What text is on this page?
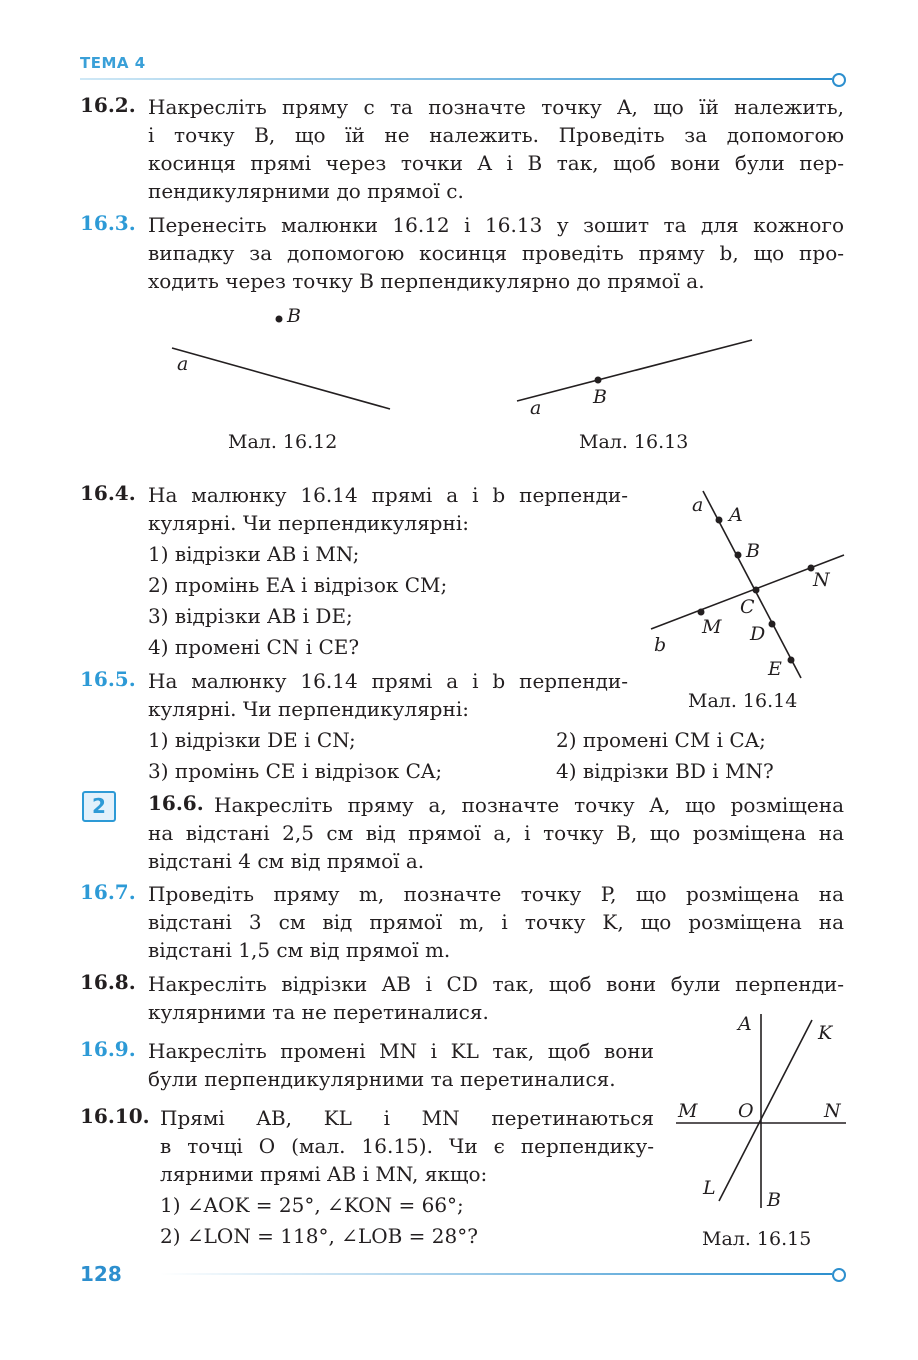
ТЕМА 4
16.2. Накресліть пряму c та позначте точку A, що їй належить,
і точку B, що їй не належить. Проведіть за допомогою
косинця прямі через точки A і B так, щоб вони були пер-
пендикулярними до прямої c.
16.3. Перенесіть малюнки 16.12 і 16.13 у зошит та для кожного
випадку за допомогою косинця проведіть пряму b, що про-
ходить через точку B перпендикулярно до прямої a.
B
a
B
a
Мал. 16.12	Мал. 16.13
16.4. На малюнку 16.14 прямі a і b перпенди-
кулярні. Чи перпендикулярні:
1) відрізки AB і MN;
2) промінь EA і відрізок CM;
3) відрізки AB і DE;
4) промені CN і CE?
a
b
A
B
C
D
E
M
N
Мал. 16.14
16.5. На малюнку 16.14 прямі a і b перпенди-
кулярні. Чи перпендикулярні:
1) відрізки DE і CN;	2) промені CM і CA;
3) промінь CE і відрізок CA;	4) відрізки BD і MN?
2	16.6. Накресліть пряму a, позначте точку A, що розміщена
на відстані 2,5 см від прямої a, і точку B, що розміщена на
відстані 4 см від прямої a.
16.7. Проведіть пряму m, позначте точку P, що розміщена на
відстані 3 см від прямої m, і точку K, що розміщена на
відстані 1,5 см від прямої m.
16.8. Накресліть відрізки AB і CD так, щоб вони були перпенди-
кулярними та не перетиналися.
16.9. Накресліть промені MN і KL так, щоб вони
були перпендикулярними та перетиналися.
16.10. Прямі AB, KL і MN перетинаються
в точці O (мал. 16.15). Чи є перпендику-
лярними прямі AB і MN, якщо:
1) ∠AOK = 25°, ∠KON = 66°;
2) ∠LON = 118°, ∠LOB = 28°?
A	K
M O	N
L
B
Мал. 16.15
128
